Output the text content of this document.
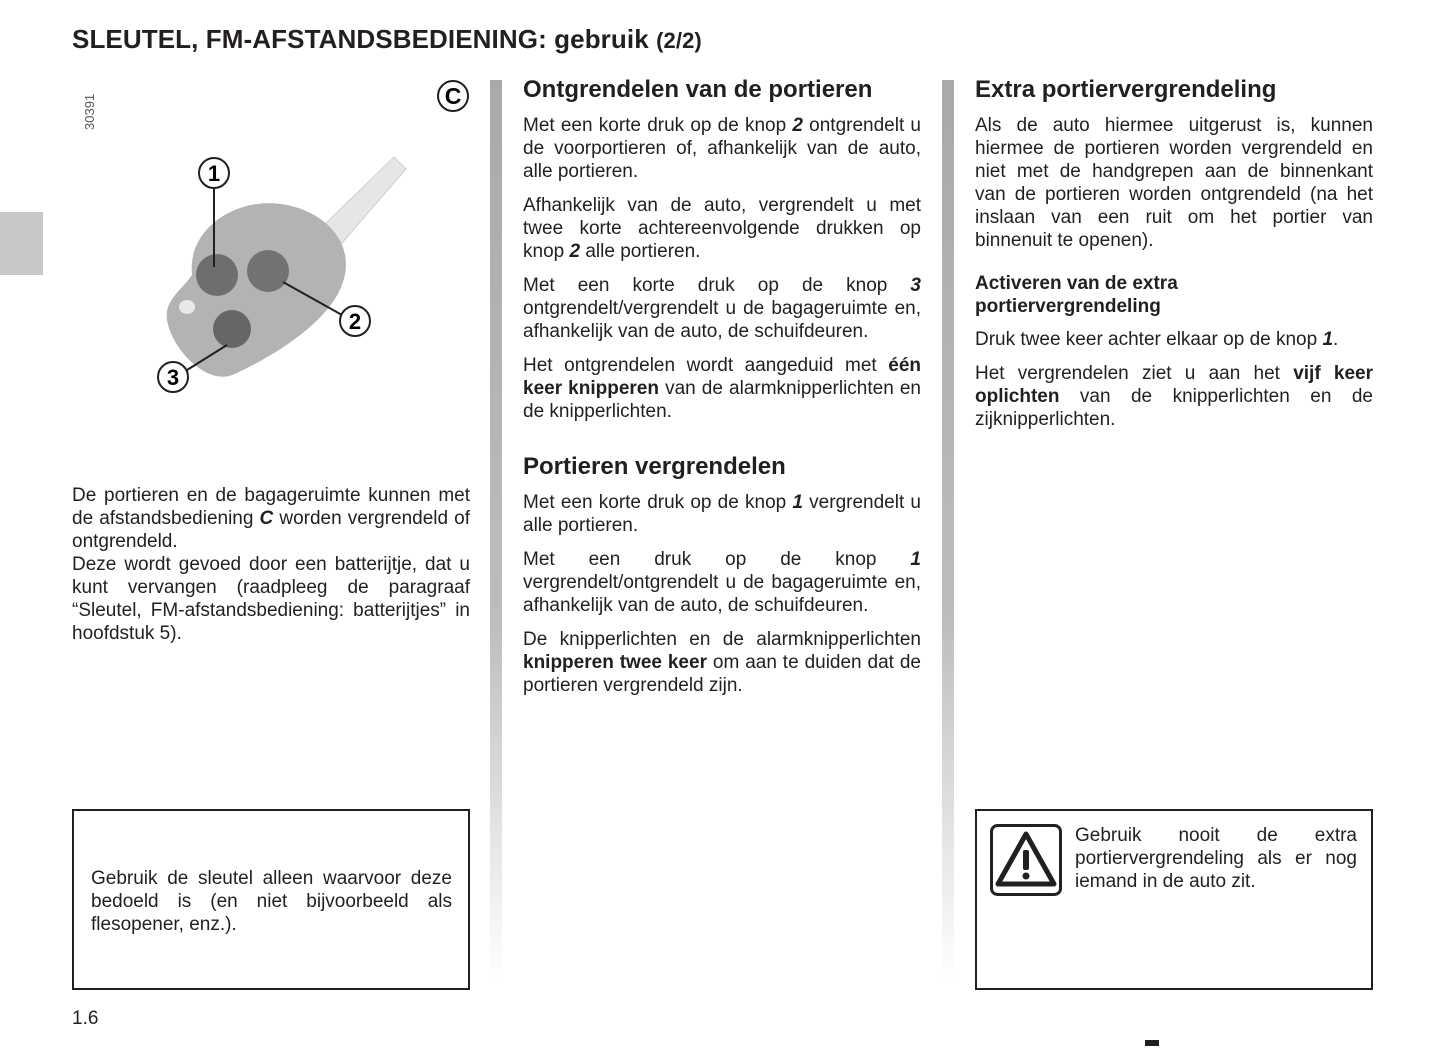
SLEUTEL, FM-AFSTANDSBEDIENING: gebruik (2/2)
30391	C
1
2
3

De portieren en de bagageruimte kunnen met de afstandsbediening C worden vergrendeld of ontgrendeld.
Deze wordt gevoed door een batterijtje, dat u kunt vervangen (raadpleeg de paragraaf “Sleutel, FM-afstandsbediening: batterijtjes” in hoofdstuk 5).

Gebruik de sleutel alleen waarvoor deze bedoeld is (en niet bijvoorbeeld als flesopener, enz.).
Ontgrendelen van de portieren

Met een korte druk op de knop 2 ontgrendelt u de voorportieren of, afhankelijk van de auto, alle portieren.

Afhankelijk van de auto, vergrendelt u met twee korte achtereenvolgende drukken op knop 2 alle portieren.

Met een korte druk op de knop 3 ontgrendelt/vergrendelt u de bagageruimte en, afhankelijk van de auto, de schuifdeuren.

Het ontgrendelen wordt aangeduid met één keer knipperen van de alarmknipperlichten en de knipperlichten.

Portieren vergrendelen

Met een korte druk op de knop 1 vergrendelt u alle portieren.

Met een druk op de knop 1 vergrendelt/ontgrendelt u de bagageruimte en, afhankelijk van de auto, de schuifdeuren.

De knipperlichten en de alarmknipperlichten knipperen twee keer om aan te duiden dat de portieren vergrendeld zijn.

Extra portiervergrendeling

Als de auto hiermee uitgerust is, kunnen hiermee de portieren worden vergrendeld en niet met de handgrepen aan de binnenkant van de portieren worden ontgrendeld (na het inslaan van een ruit om het portier van binnenuit te openen).

Activeren van de extra portiervergrendeling

Druk twee keer achter elkaar op de knop 1.

Het vergrendelen ziet u aan het vijf keer oplichten van de knipperlichten en de zijknipperlichten.

Gebruik nooit de extra portiervergrendeling als er nog iemand in de auto zit.
1.6
